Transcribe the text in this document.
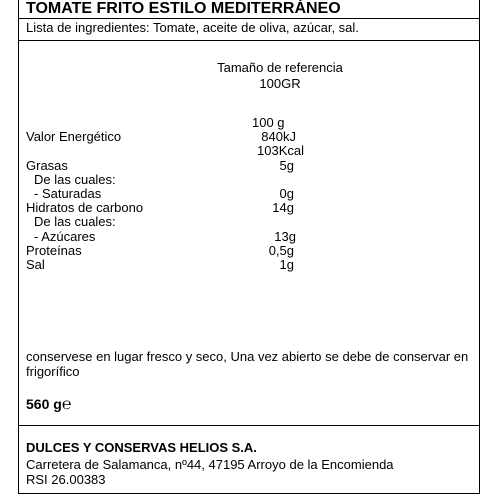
TOMATE FRITO ESTILO MEDITERRÁNEO
Lista de ingredientes: Tomate, aceite de oliva, azúcar, sal.
Tamaño de referencia
100GR
100 g
Valor Energético	840kJ
103Kcal
Grasas	5g
De las cuales:
- Saturadas	0g
Hidratos de carbono	14g
De las cuales:
- Azúcares	13g
Proteínas	0,5g
Sal	1g
conservese en lugar fresco y seco, Una vez abierto se debe de conservar en
frigorífico
560 g℮
DULCES Y CONSERVAS HELIOS S.A.
Carretera de Salamanca, nº44, 47195 Arroyo de la Encomienda
RSI 26.00383
